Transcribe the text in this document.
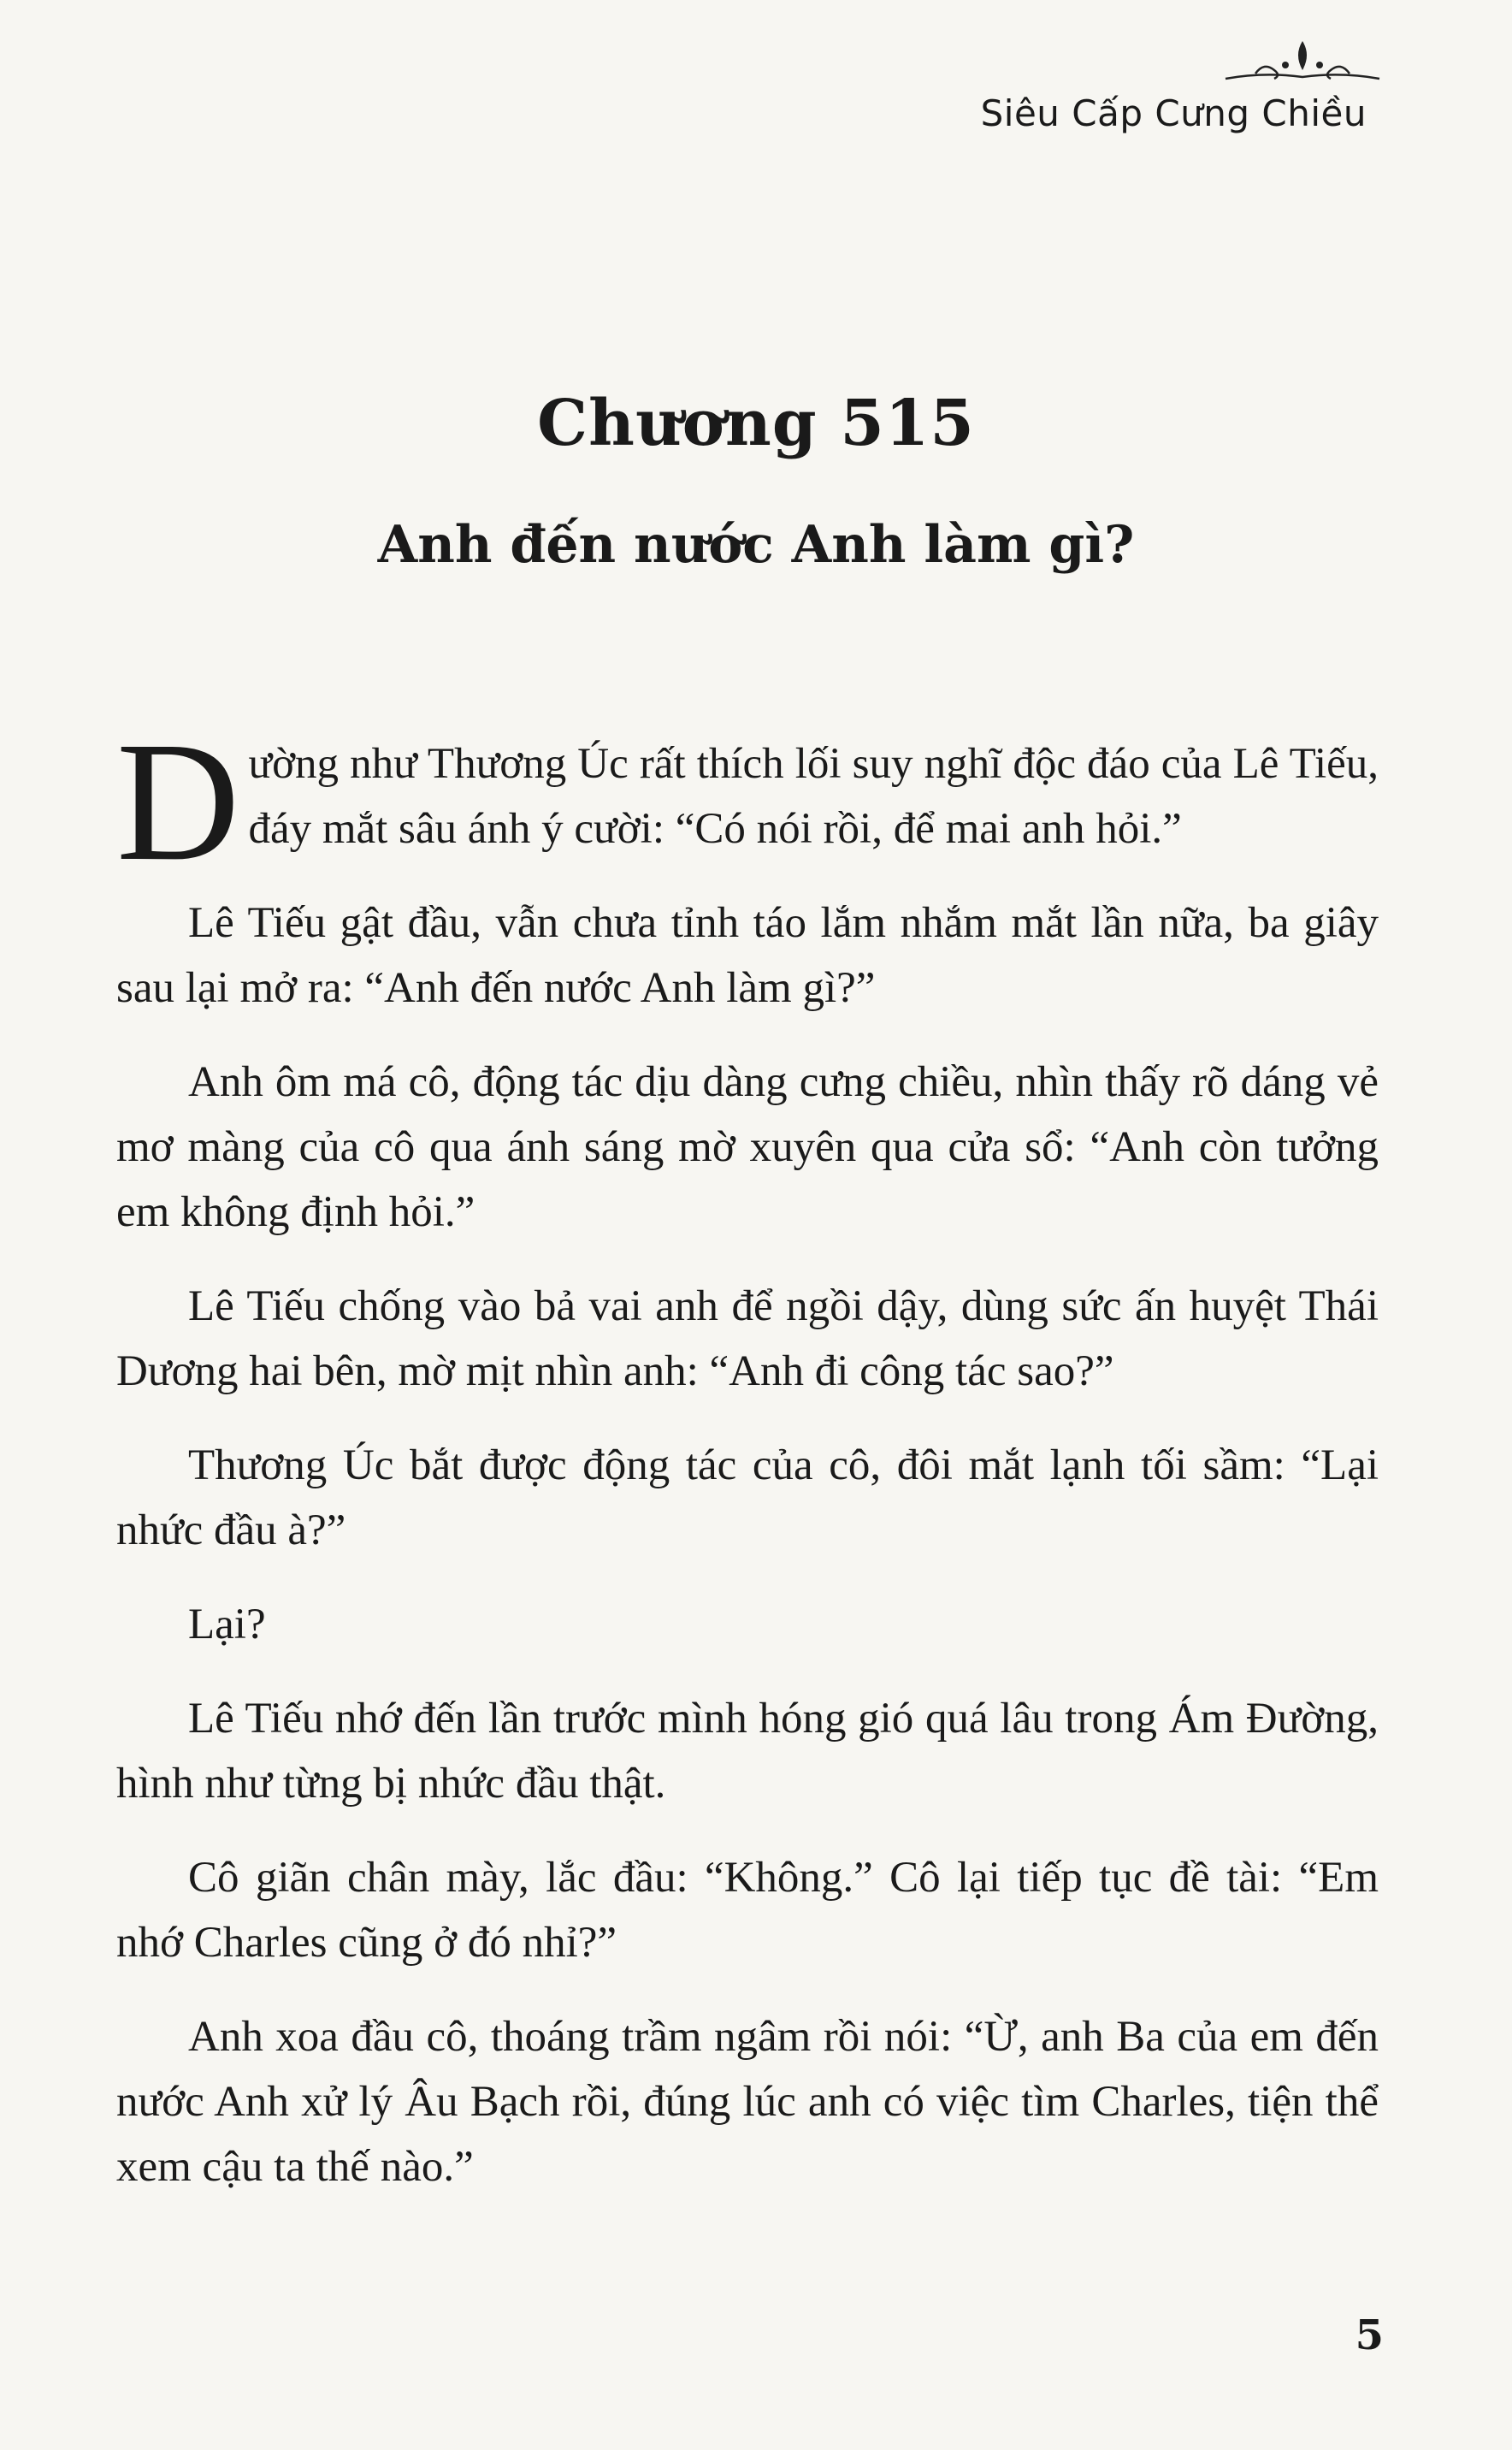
Siêu Cấp Cưng Chiều
Chương 515
Anh đến nước Anh làm gì?

Dường như Thương Úc rất thích lối suy nghĩ độc đáo của Lê Tiếu, đáy mắt sâu ánh ý cười: “Có nói rồi, để mai anh hỏi.”

Lê Tiếu gật đầu, vẫn chưa tỉnh táo lắm nhắm mắt lần nữa, ba giây sau lại mở ra: “Anh đến nước Anh làm gì?”

Anh ôm má cô, động tác dịu dàng cưng chiều, nhìn thấy rõ dáng vẻ mơ màng của cô qua ánh sáng mờ xuyên qua cửa sổ: “Anh còn tưởng em không định hỏi.”

Lê Tiếu chống vào bả vai anh để ngồi dậy, dùng sức ấn huyệt Thái Dương hai bên, mờ mịt nhìn anh: “Anh đi công tác sao?”

Thương Úc bắt được động tác của cô, đôi mắt lạnh tối sầm: “Lại nhức đầu à?”

Lại?

Lê Tiếu nhớ đến lần trước mình hóng gió quá lâu trong Ám Đường, hình như từng bị nhức đầu thật.

Cô giãn chân mày, lắc đầu: “Không.” Cô lại tiếp tục đề tài: “Em nhớ Charles cũng ở đó nhỉ?”

Anh xoa đầu cô, thoáng trầm ngâm rồi nói: “Ừ, anh Ba của em đến nước Anh xử lý Âu Bạch rồi, đúng lúc anh có việc tìm Charles, tiện thể xem cậu ta thế nào.”

5
